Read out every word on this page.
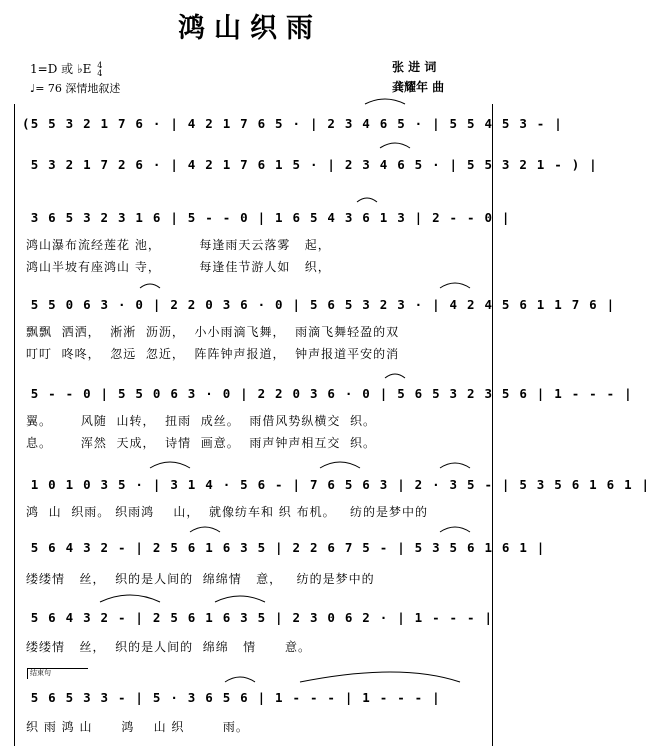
鸿山织雨
1=D 或 ♭E 4
4
♩= 76 深情地叙述
张 进 词
龚耀年 曲
(5 5 3 2 1 7 6 · | 4 2 1 7 6 5 · | 2 3 4 6 5 · | 5 5 4 5 3 - |
5 3 2 1 7 2 6 · | 4 2 1 7 6 1 5 · | 2 3 4 6 5 · | 5 5 3 2 1 - ) |
3 6 5 3 2 3 1 6 | 5 - - 0 | 1 6 5 4 3 6 1 3 | 2 - - 0 |
鸿山瀑布流经莲花 池，        每逢雨天云落雾   起，
鸿山半坡有座鸿山 寺，        每逢佳节游人如   织，
5 5 0 6 3 · 0 | 2 2 0 3 6 · 0 | 5 6 5 3 2 3 · | 4 2 4 5 6 1 1 7 6 |
飘飘  洒洒，  淅淅  沥沥，  小小雨滴飞舞，  雨滴飞舞轻盈的双
叮叮  咚咚，  忽远  忽近，  阵阵钟声报道，  钟声报道平安的消
5 - - 0 | 5 5 0 6 3 · 0 | 2 2 0 3 6 · 0 | 5 6 5 3 2 3 5 6 | 1 - - - |
翼。      风随  山转，  扭雨  成丝。  雨借风势纵横交  织。
息。      浑然  天成，  诗情  画意。  雨声钟声相互交  织。
1 0 1 0 3 5 · | 3 1 4 · 5 6 - | 7 6 5 6 3 | 2 · 3 5 - | 5 3 5 6 1 6 1 |
鸿  山  织雨。 织雨鸿    山，  就像纺车和 织 布机。   纺的是梦中的
5 6 4 3 2 - | 2 5 6 1 6 3 5 | 2 2 6 7 5 - | 5 3 5 6 1 6 1 |
缕缕情   丝，  织的是人间的  绵绵情   意，   纺的是梦中的
5 6 4 3 2 - | 2 5 6 1 6 3 5 | 2 3 0 6 2 · | 1 - - - |
缕缕情   丝，  织的是人间的  绵绵   情      意。
结束句
5 6 5 3 3 - | 5 · 3 6 5 6 | 1 - - - | 1 - - - |
织 雨 鸿 山      鸿    山 织        雨。
